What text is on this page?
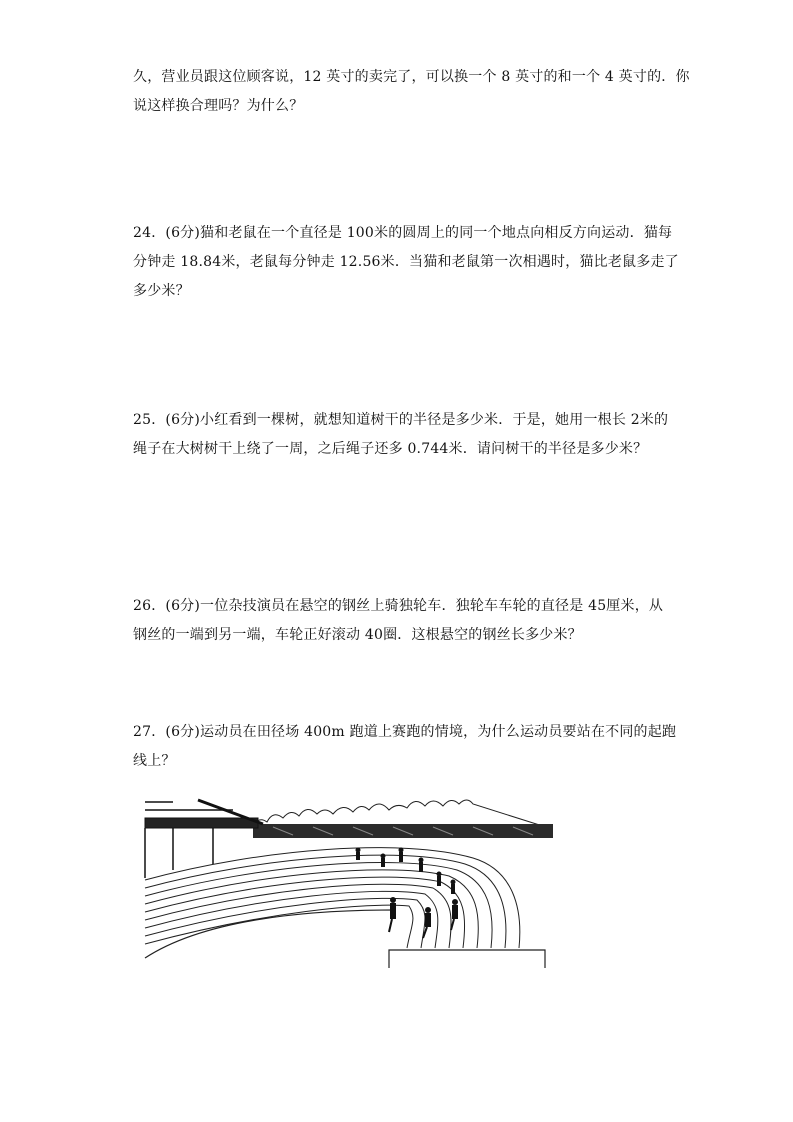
久，营业员跟这位顾客说，12 英寸的卖完了，可以换一个 8 英寸的和一个 4 英寸的．你
说这样换合理吗？为什么？
24．(6分)猫和老鼠在一个直径是 100米的圆周上的同一个地点向相反方向运动．猫每
分钟走 18.84米，老鼠每分钟走 12.56米．当猫和老鼠第一次相遇时，猫比老鼠多走了
多少米？
25．(6分)小红看到一棵树，就想知道树干的半径是多少米．于是，她用一根长 2米的
绳子在大树树干上绕了一周，之后绳子还多 0.744米．请问树干的半径是多少米？
26．(6分)一位杂技演员在悬空的钢丝上骑独轮车．独轮车车轮的直径是 45厘米，从
钢丝的一端到另一端，车轮正好滚动 40圈．这根悬空的钢丝长多少米？
27．(6分)运动员在田径场 400m 跑道上赛跑的情境，为什么运动员要站在不同的起跑
线上？
